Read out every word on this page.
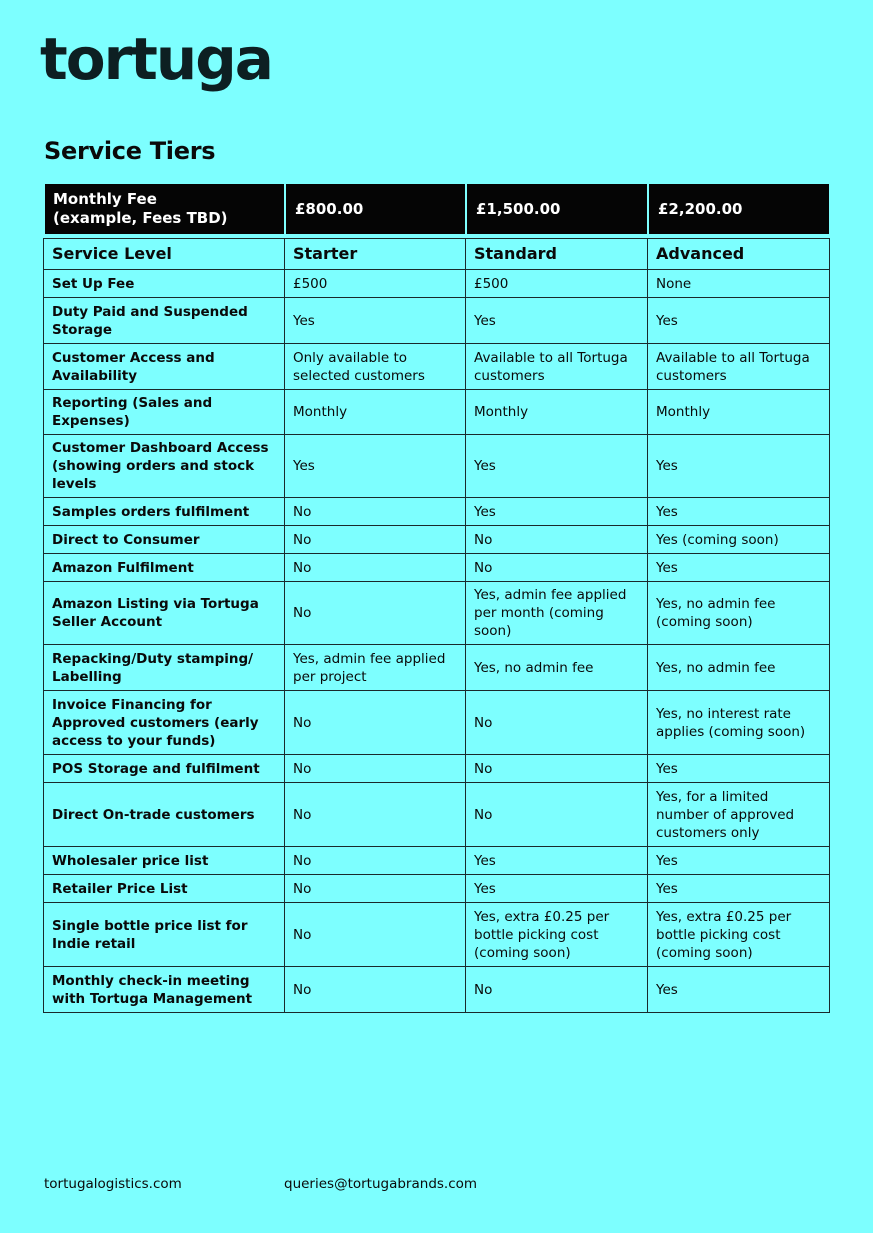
tortuga
Service Tiers
Monthly Fee
(example, Fees TBD)	£800.00	£1,500.00	£2,200.00
Service Level	Starter	Standard	Advanced
Set Up Fee	£500	£500	None
Duty Paid and Suspended Storage	Yes	Yes	Yes
Customer Access and Availability	Only available to selected customers	Available to all Tortuga customers	Available to all Tortuga customers
Reporting (Sales and Expenses)	Monthly	Monthly	Monthly
Customer Dashboard Access (showing orders and stock levels	Yes	Yes	Yes
Samples orders fulfilment	No	Yes	Yes
Direct to Consumer	No	No	Yes (coming soon)
Amazon Fulfilment	No	No	Yes
Amazon Listing via Tortuga Seller Account	No	Yes, admin fee applied per month (coming soon)	Yes, no admin fee (coming soon)
Repacking/Duty stamping/ Labelling	Yes, admin fee applied per project	Yes, no admin fee	Yes, no admin fee
Invoice Financing for Approved customers (early access to your funds)	No	No	Yes, no interest rate applies (coming soon)
POS Storage and fulfilment	No	No	Yes
Direct On-trade customers	No	No	Yes, for a limited number of approved customers only
Wholesaler price list	No	Yes	Yes
Retailer Price List	No	Yes	Yes
Single bottle price list for Indie retail	No	Yes, extra £0.25 per bottle picking cost (coming soon)	Yes, extra £0.25 per bottle picking cost (coming soon)
Monthly check-in meeting with Tortuga Management	No	No	Yes
tortugalogistics.com	queries@tortugabrands.com
